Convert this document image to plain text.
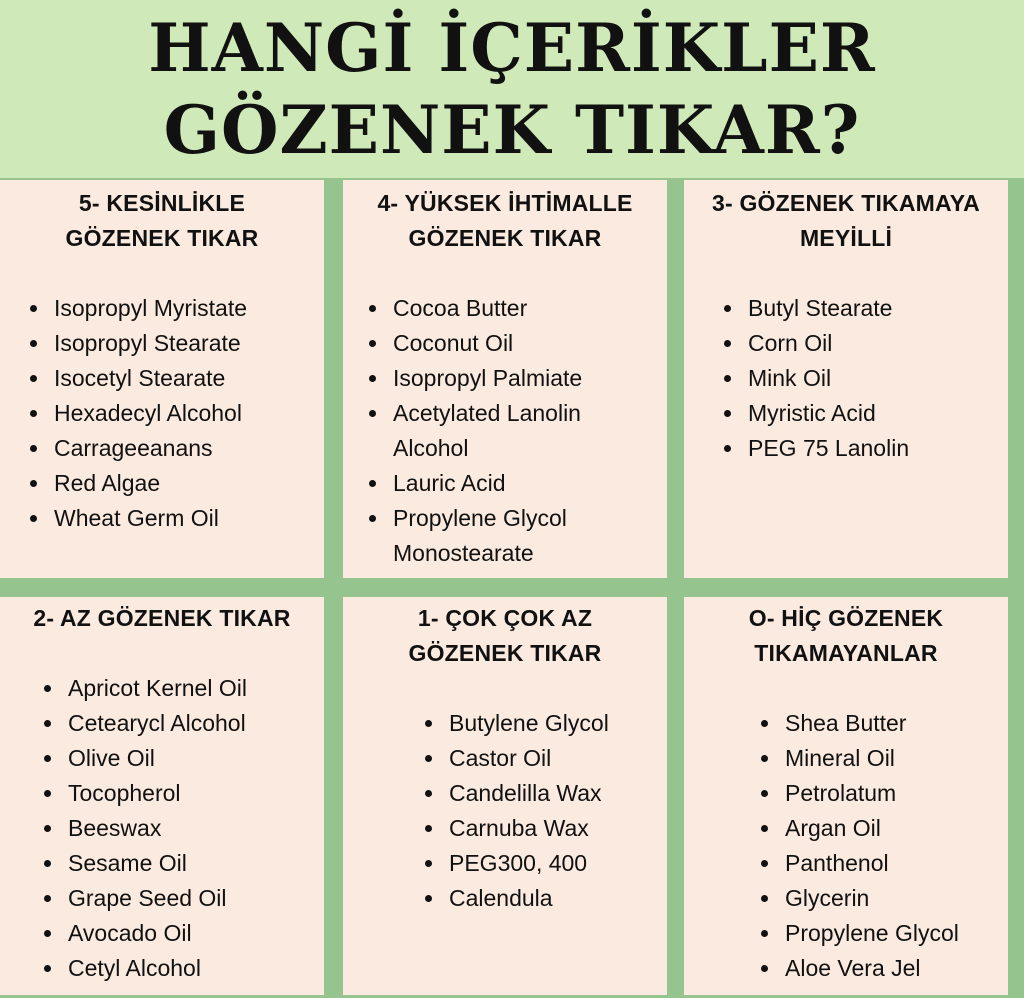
HANGİ İÇERİKLER
GÖZENEK TIKAR?
5- KESİNLİKLE
GÖZENEK TIKAR
Isopropyl Myristate
Isopropyl Stearate
Isocetyl Stearate
Hexadecyl Alcohol
Carrageeanans
Red Algae
Wheat Germ Oil
4- YÜKSEK İHTİMALLE
GÖZENEK TIKAR
Cocoa Butter
Coconut Oil
Isopropyl Palmiate
Acetylated Lanolin
Alcohol
Lauric Acid
Propylene Glycol
Monostearate
3- GÖZENEK TIKAMAYA
MEYİLLİ
Butyl Stearate
Corn Oil
Mink Oil
Myristic Acid
PEG 75 Lanolin
2- AZ GÖZENEK TIKAR
Apricot Kernel Oil
Cetearycl Alcohol
Olive Oil
Tocopherol
Beeswax
Sesame Oil
Grape Seed Oil
Avocado Oil
Cetyl Alcohol
1- ÇOK ÇOK AZ
GÖZENEK TIKAR
Butylene Glycol
Castor Oil
Candelilla Wax
Carnuba Wax
PEG300, 400
Calendula
O- HİÇ GÖZENEK
TIKAMAYANLAR
Shea Butter
Mineral Oil
Petrolatum
Argan Oil
Panthenol
Glycerin
Propylene Glycol
Aloe Vera Jel
